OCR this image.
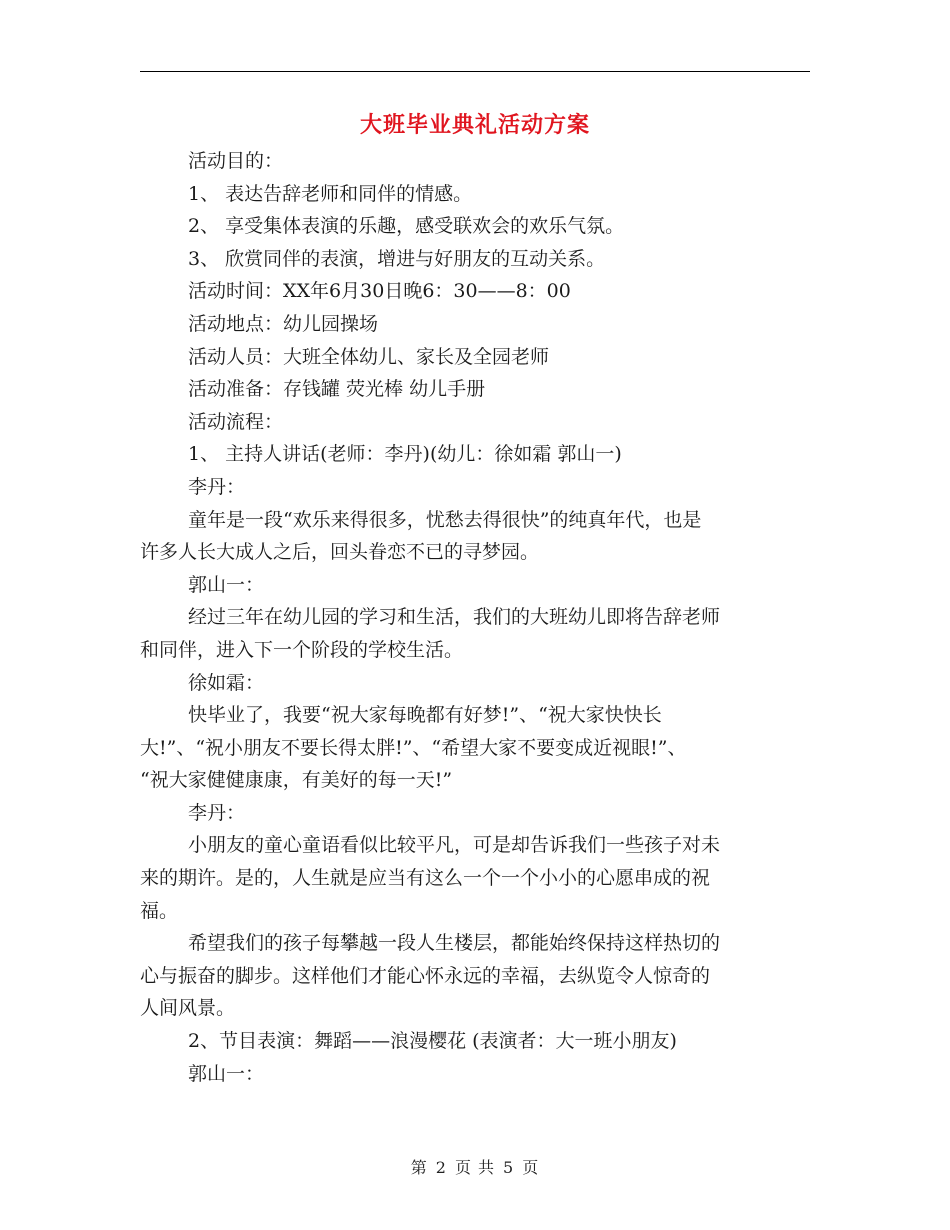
大班毕业典礼活动方案
活动目的：
1、 表达告辞老师和同伴的情感。
2、 享受集体表演的乐趣，感受联欢会的欢乐气氛。
3、 欣赏同伴的表演，增进与好朋友的互动关系。
活动时间：XX年6月30日晚6：30——8：00
活动地点：幼儿园操场
活动人员：大班全体幼儿、家长及全园老师
活动准备：存钱罐 荧光棒 幼儿手册
活动流程：
1、 主持人讲话(老师：李丹)(幼儿：徐如霜 郭山一)
李丹：
童年是一段“欢乐来得很多，忧愁去得很快”的纯真年代，也是
许多人长大成人之后，回头眷恋不已的寻梦园。
郭山一：
经过三年在幼儿园的学习和生活，我们的大班幼儿即将告辞老师
和同伴，进入下一个阶段的学校生活。
徐如霜：
快毕业了，我要“祝大家每晚都有好梦!”、“祝大家快快长
大!”、“祝小朋友不要长得太胖!”、“希望大家不要变成近视眼!”、
“祝大家健健康康，有美好的每一天!”
李丹：
小朋友的童心童语看似比较平凡，可是却告诉我们一些孩子对未
来的期许。是的，人生就是应当有这么一个一个小小的心愿串成的祝
福。
希望我们的孩子每攀越一段人生楼层，都能始终保持这样热切的
心与振奋的脚步。这样他们才能心怀永远的幸福，去纵览令人惊奇的
人间风景。
2、节目表演：舞蹈——浪漫樱花 (表演者：大一班小朋友)
郭山一：
第 2 页 共 5 页
